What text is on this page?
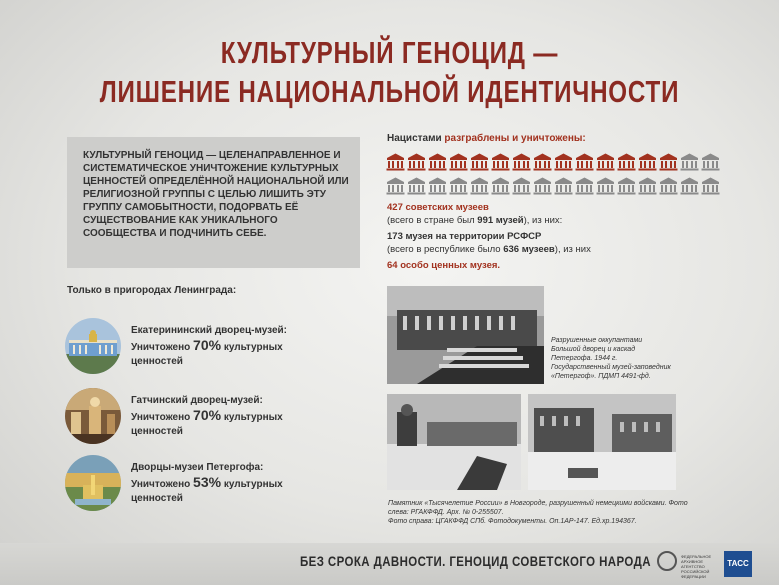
КУЛЬТУРНЫЙ ГЕНОЦИД —
ЛИШЕНИЕ НАЦИОНАЛЬНОЙ ИДЕНТИЧНОСТИ
КУЛЬТУРНЫЙ ГЕНОЦИД — ЦЕЛЕНАПРАВЛЕННОЕ И СИСТЕМАТИЧЕСКОЕ УНИЧТОЖЕНИЕ КУЛЬТУРНЫХ ЦЕННОСТЕЙ ОПРЕДЕЛЁННОЙ НАЦИОНАЛЬНОЙ ИЛИ РЕЛИГИОЗНОЙ ГРУППЫ С ЦЕЛЬЮ ЛИШИТЬ ЭТУ ГРУППУ САМОБЫТНОСТИ, ПОДОРВАТЬ ЕЁ СУЩЕСТВОВАНИЕ КАК УНИКАЛЬНОГО СООБЩЕСТВА И ПОДЧИНИТЬ СЕБЕ.
Нацистами разграблены и уничтожены:

427 советских музеев

(всего в стране был 991 музей), из них:

173 музея на территории РСФСР

(всего в республике было 636 музеев), из них

64 особо ценных музея.

Только в пригородах Ленинграда:
Екатерининский дворец-музей:
Уничтожено 70% культурных
ценностей
Гатчинский дворец-музей:
Уничтожено 70% культурных
ценностей
Дворцы-музеи Петергофа:
Уничтожено 53% культурных
ценностей
Разрушенные оккупантами Большой дворец и каскад Петергофа. 1944 г. Государственный музей-заповедник «Петергоф». ПДМП 4491-фд.
Памятник «Тысячелетие России» в Новгороде, разрушенный немецкими войсками. Фото слева: РГАКФФД. Арх. № 0-255507.
Фото справа: ЦГАКФФД СПб. Фотодокументы. Оп.1АР-147. Ед.хр.194367.
БЕЗ СРОКА ДАВНОСТИ. ГЕНОЦИД СОВЕТСКОГО НАРОДА	ФЕДЕРАЛЬНОЕ АРХИВНОЕ АГЕНТСТВО РОССИЙСКОЙ ФЕДЕРАЦИИ
ТАСС
